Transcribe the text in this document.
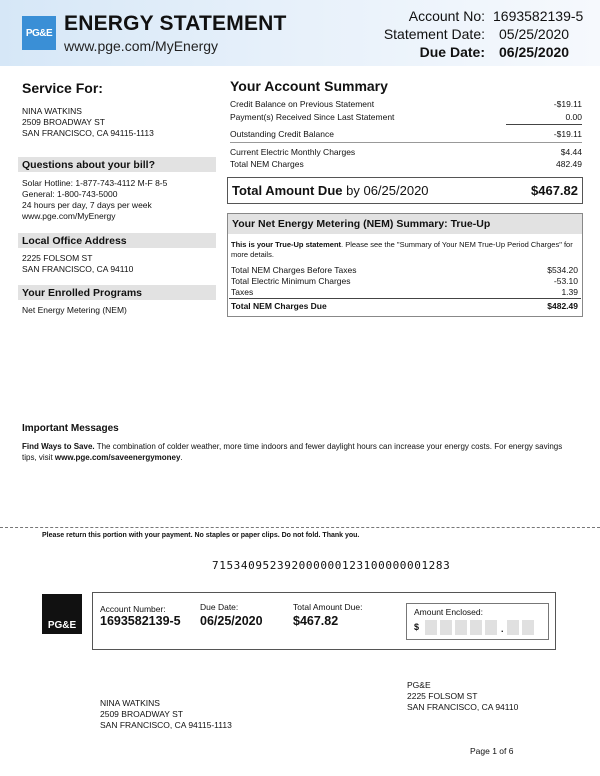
PG&E ENERGY STATEMENT
www.pge.com/MyEnergy
Account No: 1693582139-5
Statement Date: 05/25/2020
Due Date: 06/25/2020
Service For:
NINA WATKINS
2509 BROADWAY ST
SAN FRANCISCO, CA 94115-1113
Questions about your bill?
Solar Hotline: 1-877-743-4112 M-F 8-5
General: 1-800-743-5000
24 hours per day, 7 days per week
www.pge.com/MyEnergy
Local Office Address
2225 FOLSOM ST
SAN FRANCISCO, CA 94110
Your Enrolled Programs
Net Energy Metering (NEM)
Your Account Summary
Credit Balance on Previous Statement	-$19.11
Payment(s) Received Since Last Statement	0.00
Outstanding Credit Balance	-$19.11
Current Electric Monthly Charges	$4.44
Total NEM Charges	482.49
Total Amount Due by 06/25/2020	$467.82
Your Net Energy Metering (NEM) Summary: True-Up
This is your True-Up statement. Please see the "Summary of Your NEM True-Up Period Charges" for more details.
Total NEM Charges Before Taxes	$534.20
Total Electric Minimum Charges	-53.10
Taxes	1.39
Total NEM Charges Due	$482.49
Important Messages
Find Ways to Save. The combination of colder weather, more time indoors and fewer daylight hours can increase your energy costs. For energy savings tips, visit www.pge.com/saveenergymoney.
Please return this portion with your payment. No staples or paper clips. Do not fold. Thank you.
715340952392000000123100000001283
PG&E
Account Number:
1693582139-5
Due Date:
06/25/2020
Total Amount Due:
$467.82
Amount Enclosed:
$	.
PG&E
2225 FOLSOM ST
SAN FRANCISCO, CA 94110
NINA WATKINS
2509 BROADWAY ST
SAN FRANCISCO, CA 94115-1113
Page 1 of 6
